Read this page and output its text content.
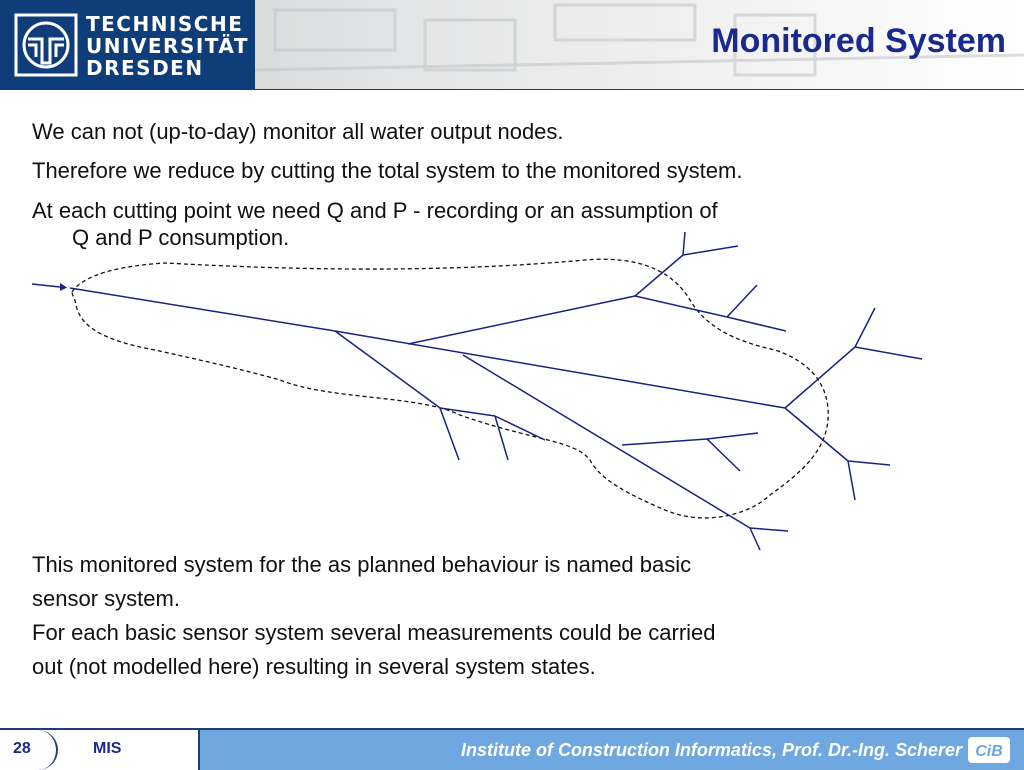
TECHNISCHE
UNIVERSITÄT
DRESDEN
Monitored System
We can not (up-to-day) monitor all water output nodes.
Therefore we reduce by cutting the total system to the monitored system.
At each cutting point we need Q and P - recording or an assumption of
Q and P consumption.
This monitored system for the as planned behaviour is named basic
sensor system.
For each basic sensor system several measurements could be carried
out (not modelled here) resulting in several system states.
28	MIS	Institute of Construction Informatics, Prof. Dr.-Ing. Scherer CiB
